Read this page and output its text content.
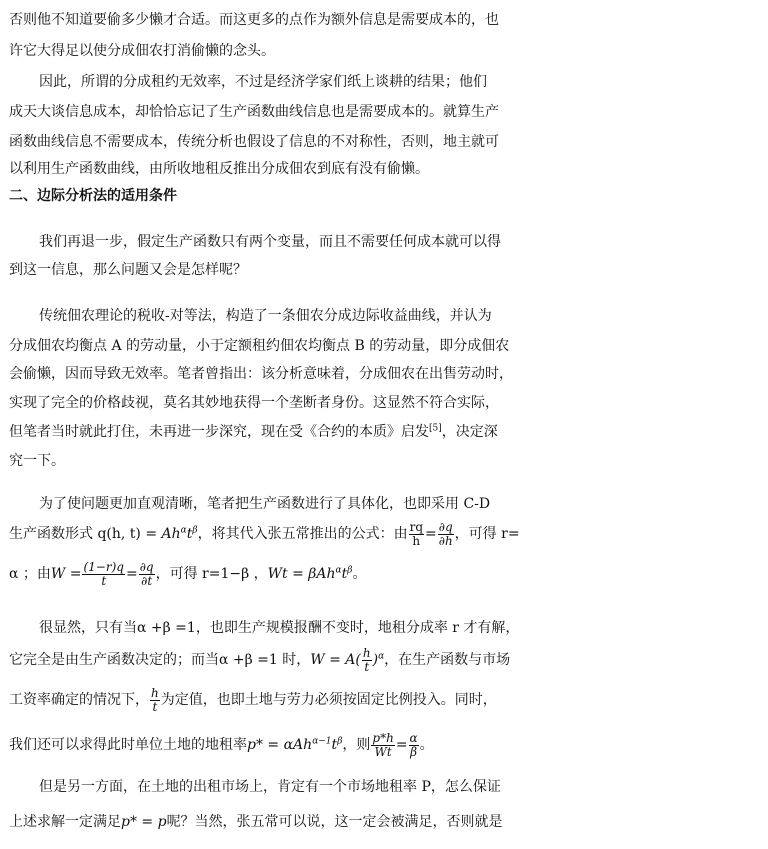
否则他不知道要偷多少懒才合适。而这更多的点作为额外信息是需要成本的，也
许它大得足以使分成佃农打消偷懒的念头。
因此，所谓的分成租约无效率，不过是经济学家们纸上谈耕的结果；他们
成天大谈信息成本，却恰恰忘记了生产函数曲线信息也是需要成本的。就算生产
函数曲线信息不需要成本，传统分析也假设了信息的不对称性，否则，地主就可
以利用生产函数曲线，由所收地租反推出分成佃农到底有没有偷懒。
二、边际分析法的适用条件
我们再退一步，假定生产函数只有两个变量，而且不需要任何成本就可以得
到这一信息，那么问题又会是怎样呢？
传统佃农理论的税收-对等法，构造了一条佃农分成边际收益曲线，并认为
分成佃农均衡点 A 的劳动量，小于定额租约佃农均衡点 B 的劳动量，即分成佃农
会偷懒，因而导致无效率。笔者曾指出：该分析意味着，分成佃农在出售劳动时，
实现了完全的价格歧视，莫名其妙地获得一个垄断者身份。这显然不符合实际，
但笔者当时就此打住，未再进一步深究，现在受《合约的本质》启发[5]，决定深
究一下。
为了使问题更加直观清晰，笔者把生产函数进行了具体化，也即采用 C-D
生产函数形式 q(h, $t) = Ah^\alpha t^\beta$，将其代入张五常推出的公式：由 $\frac{rq}{h} = \frac{\partial q}{\partial h}$ ，可得 r=
α ；由$W = \frac{(1-r)q}{t} = \frac{\partial q}{\partial t}$ ，可得 r=1−β ，$Wt = \beta Ah^\alpha t^\beta$。
很显然，只有当α +β =1，也即生产规模报酬不变时，地租分成率 r 才有解，
它完全是由生产函数决定的；而当α +β =1 时，$W = A( \frac{h}{t} )^\alpha$，在生产函数与市场
工资率确定的情况下， $\frac{h}{t}$ 为定值，也即土地与劳力必须按固定比例投入。同时，
我们还可以求得此时单位土地的地租率$p* = \alpha Ah^{\alpha-1}t^\beta$，则 $\frac{p*h}{Wt} = \frac{\alpha}{\beta}$ 。
但是另一方面，在土地的出租市场上，肯定有一个市场地租率 P，怎么保证
上述求解一定满足p* = p呢？当然，张五常可以说，这一定会被满足，否则就是
